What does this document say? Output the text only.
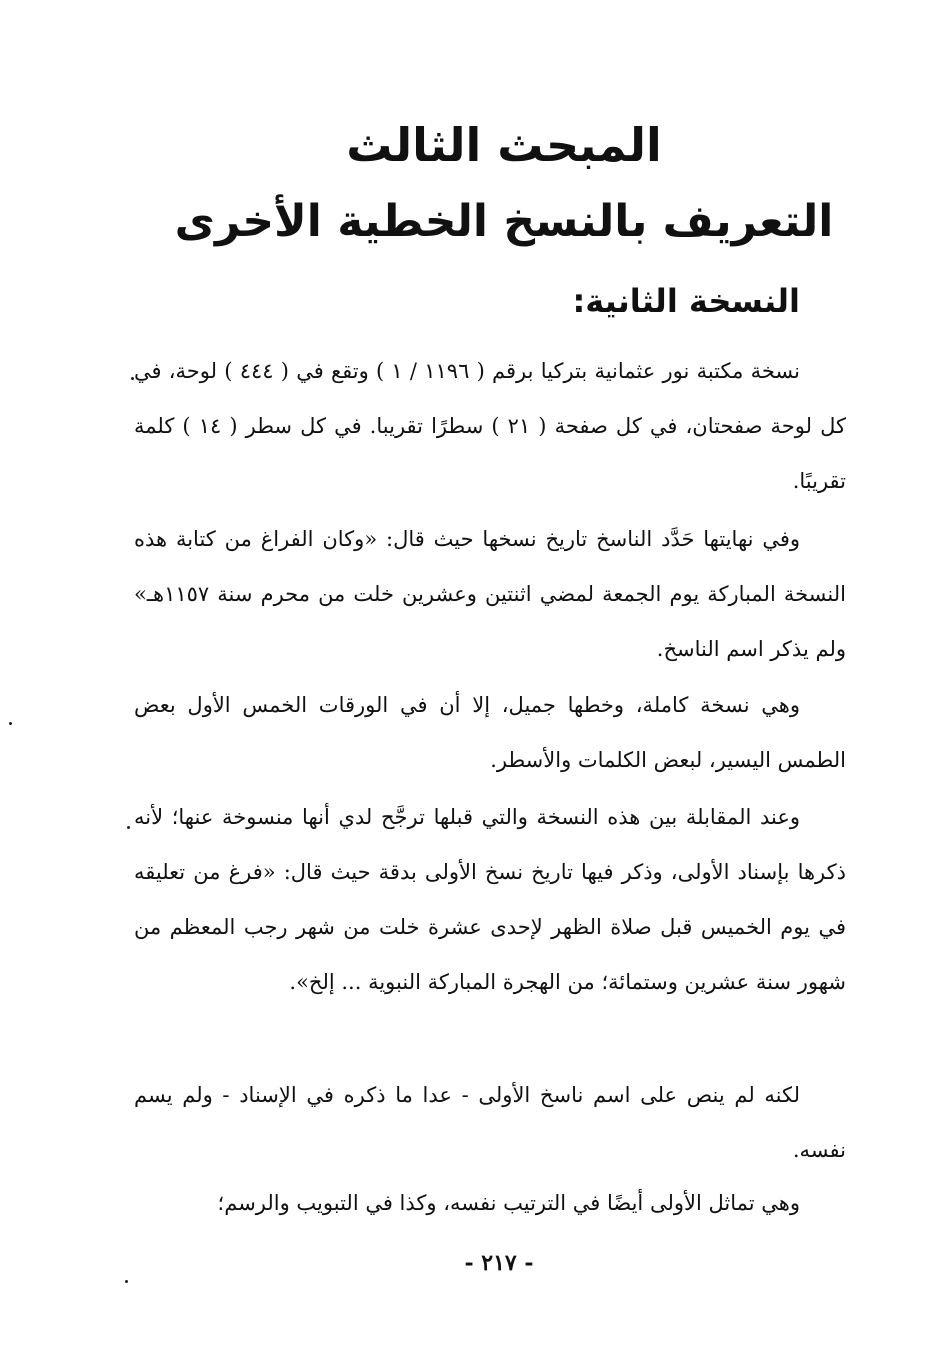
المبحث الثالث
التعريف بالنسخ الخطية الأخرى
النسخة الثانية:

نسخة مكتبة نور عثمانية بتركيا برقم ( ١١٩٦ / ١ ) وتقع في ( ٤٤٤ ) لوحة، في كل لوحة صفحتان، في كل صفحة ( ٢١ ) سطرًا تقريبا. في كل سطر ( ١٤ ) كلمة تقريبًا.

وفي نهايتها حَدَّد الناسخ تاريخ نسخها حيث قال: «وكان الفراغ من كتابة هذه النسخة المباركة يوم الجمعة لمضي اثنتين وعشرين خلت من محرم سنة ١١٥٧هـ» ولم يذكر اسم الناسخ.

وهي نسخة كاملة، وخطها جميل، إلا أن في الورقات الخمس الأول بعض الطمس اليسير، لبعض الكلمات والأسطر.

وعند المقابلة بين هذه النسخة والتي قبلها ترجَّح لدي أنها منسوخة عنها؛ لأنه ذكرها بإسناد الأولى، وذكر فيها تاريخ نسخ الأولى بدقة حيث قال: «فرغ من تعليقه في يوم الخميس قبل صلاة الظهر لإحدى عشرة خلت من شهر رجب المعظم من شهور سنة عشرين وستمائة؛ من الهجرة المباركة النبوية ... إلخ».

لكنه لم ينص على اسم ناسخ الأولى - عدا ما ذكره في الإسناد - ولم يسم نفسه.

وهي تماثل الأولى أيضًا في الترتيب نفسه، وكذا في التبويب والرسم؛

- ٢١٧ -
